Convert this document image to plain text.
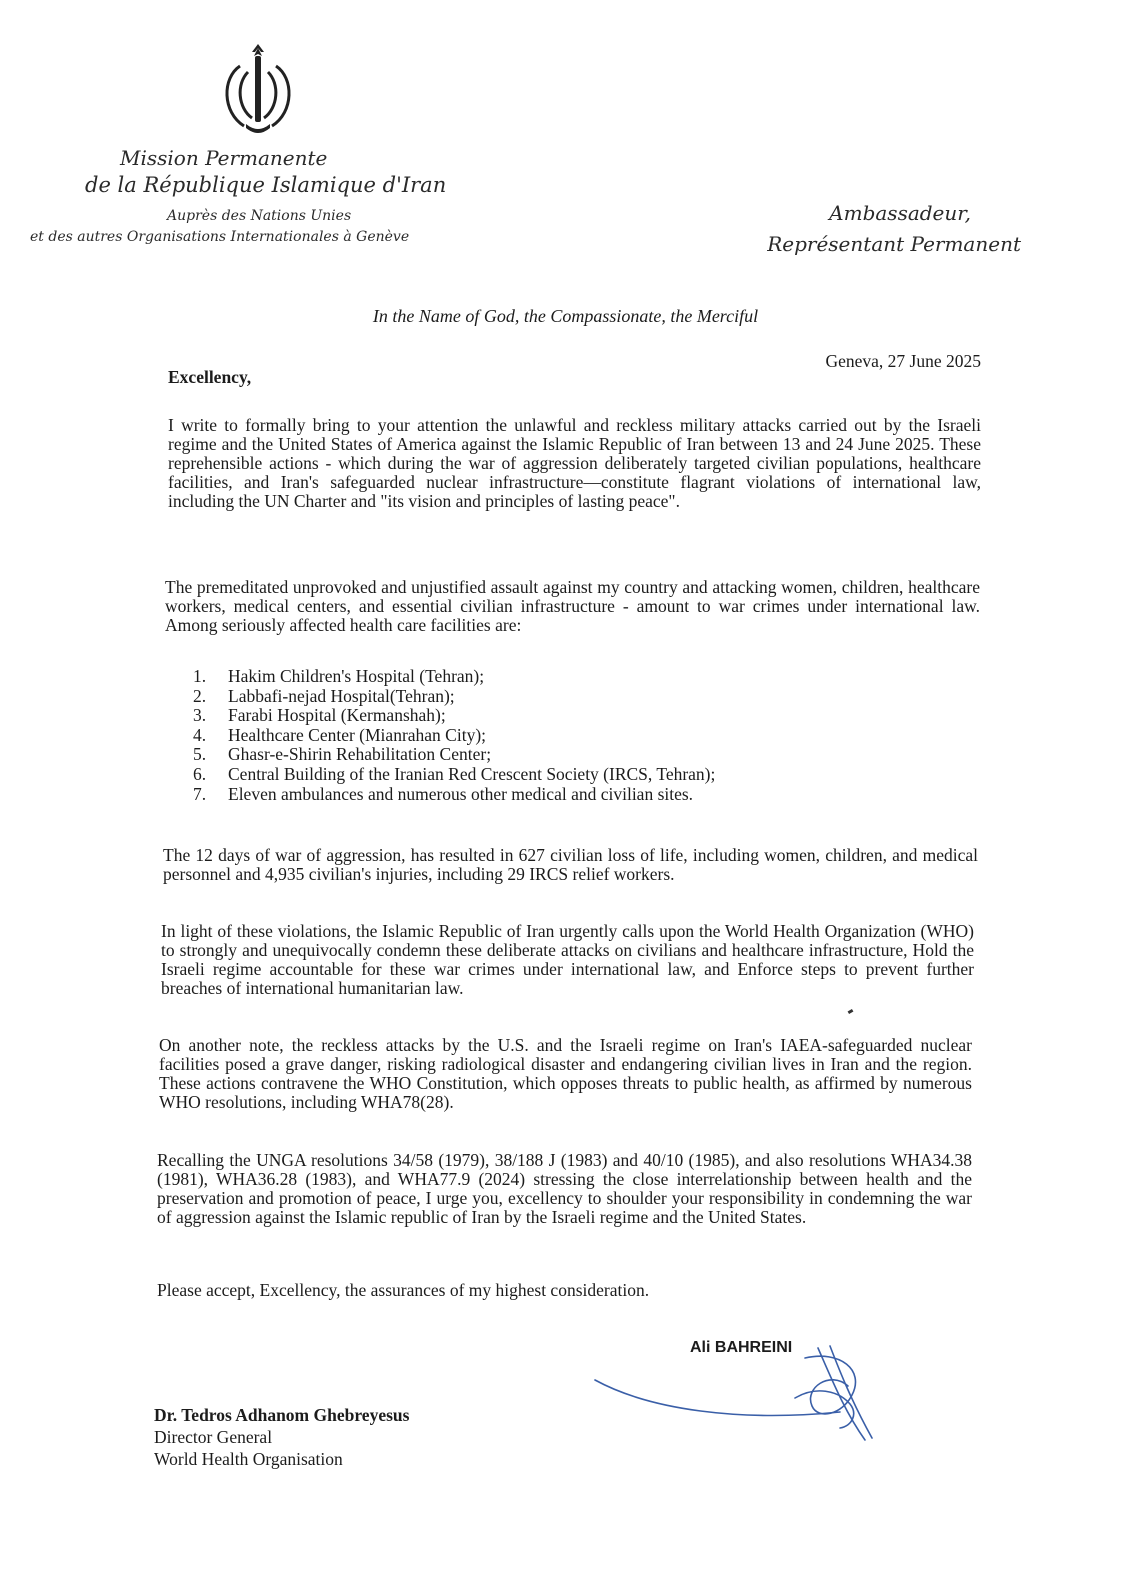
Mission Permanente
de la République Islamique d'Iran
Auprès des Nations Unies
et des autres Organisations Internationales à Genève
Ambassadeur,
Représentant Permanent
In the Name of God, the Compassionate, the Merciful
Geneva, 27 June 2025
Excellency,
I write to formally bring to your attention the unlawful and reckless military attacks carried out by the Israeli regime and the United States of America against the Islamic Republic of Iran between 13 and 24 June 2025. These reprehensible actions - which during the war of aggression deliberately targeted civilian populations, healthcare facilities, and Iran's safeguarded nuclear infrastructure—constitute flagrant violations of international law, including the UN Charter and "its vision and principles of lasting peace".
The premeditated unprovoked and unjustified assault against my country and attacking women, children, healthcare workers, medical centers, and essential civilian infrastructure - amount to war crimes under international law. Among seriously affected health care facilities are:
1. Hakim Children's Hospital (Tehran);
2. Labbafi-nejad Hospital(Tehran);
3. Farabi Hospital (Kermanshah);
4. Healthcare Center (Mianrahan City);
5. Ghasr-e-Shirin Rehabilitation Center;
6. Central Building of the Iranian Red Crescent Society (IRCS, Tehran);
7. Eleven ambulances and numerous other medical and civilian sites.
The 12 days of war of aggression, has resulted in 627 civilian loss of life, including women, children, and medical personnel and 4,935 civilian's injuries, including 29 IRCS relief workers.
In light of these violations, the Islamic Republic of Iran urgently calls upon the World Health Organization (WHO) to strongly and unequivocally condemn these deliberate attacks on civilians and healthcare infrastructure, Hold the Israeli regime accountable for these war crimes under international law, and Enforce steps to prevent further breaches of international humanitarian law.
On another note, the reckless attacks by the U.S. and the Israeli regime on Iran's IAEA-safeguarded nuclear facilities posed a grave danger, risking radiological disaster and endangering civilian lives in Iran and the region. These actions contravene the WHO Constitution, which opposes threats to public health, as affirmed by numerous WHO resolutions, including WHA78(28).
Recalling the UNGA resolutions 34/58 (1979), 38/188 J (1983) and 40/10 (1985), and also resolutions WHA34.38 (1981), WHA36.28 (1983), and WHA77.9 (2024) stressing the close interrelationship between health and the preservation and promotion of peace, I urge you, excellency to shoulder your responsibility in condemning the war of aggression against the Islamic republic of Iran by the Israeli regime and the United States.
Please accept, Excellency, the assurances of my highest consideration.
Ali BAHREINI
Dr. Tedros Adhanom Ghebreyesus
Director General
World Health Organisation
